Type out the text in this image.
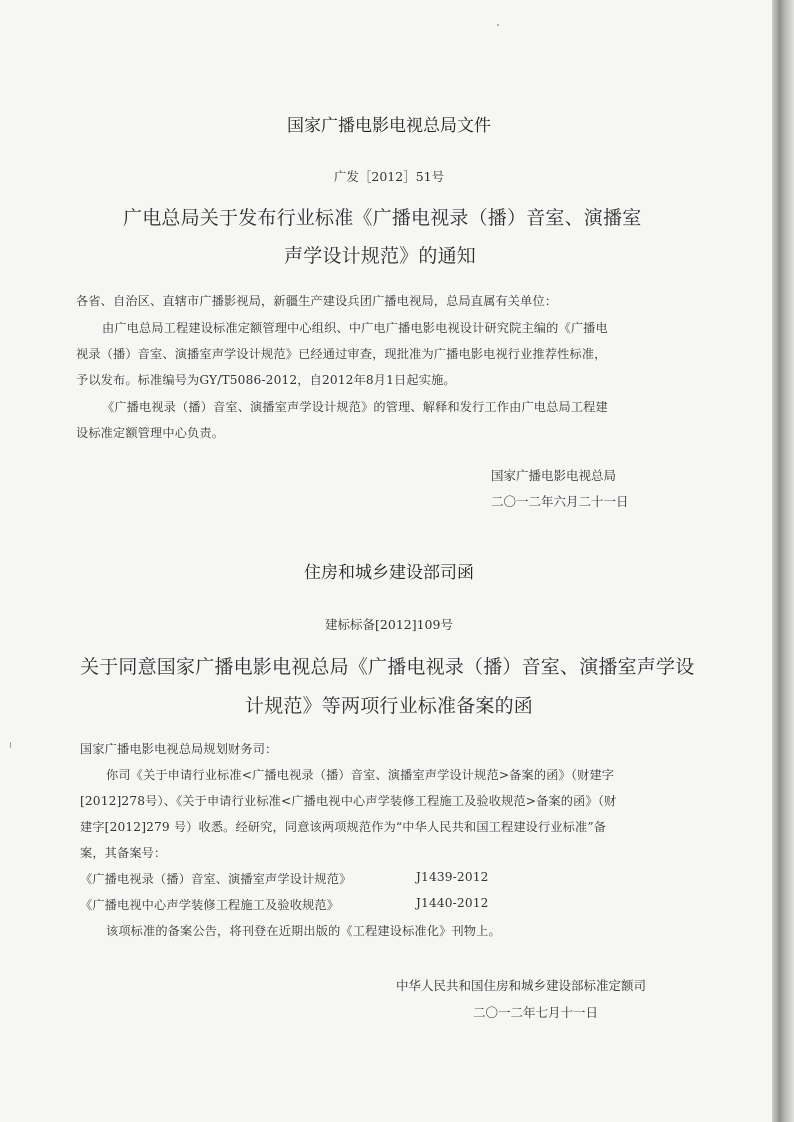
国家广播电影电视总局文件
广发［2012］51号
广电总局关于发布行业标准《广播电视录（播）音室、演播室
声学设计规范》的通知
各省、自治区、直辖市广播影视局，新疆生产建设兵团广播电视局，总局直属有关单位：
由广电总局工程建设标准定额管理中心组织、中广电广播电影电视设计研究院主编的《广播电
视录（播）音室、演播室声学设计规范》已经通过审查，现批准为广播电影电视行业推荐性标准，
予以发布。标准编号为GY/T5086-2012，自2012年8月1日起实施。
《广播电视录（播）音室、演播室声学设计规范》的管理、解释和发行工作由广电总局工程建
设标准定额管理中心负责。
国家广播电影电视总局
二〇一二年六月二十一日
住房和城乡建设部司函
建标标备[2012]109号
关于同意国家广播电影电视总局《广播电视录（播）音室、演播室声学设
计规范》等两项行业标准备案的函
国家广播电影电视总局规划财务司：
你司《关于申请行业标准<广播电视录（播）音室、演播室声学设计规范>备案的函》（财建字
[2012]278号）、《关于申请行业标准<广播电视中心声学装修工程施工及验收规范>备案的函》（财
建字[2012]279 号）收悉。经研究，同意该两项规范作为“中华人民共和国工程建设行业标准”备
案，其备案号：
《广播电视录（播）音室、演播室声学设计规范》	J1439-2012
《广播电视中心声学装修工程施工及验收规范》	J1440-2012
该项标准的备案公告，将刊登在近期出版的《工程建设标准化》刊物上。
中华人民共和国住房和城乡建设部标准定额司
二〇一二年七月十一日
